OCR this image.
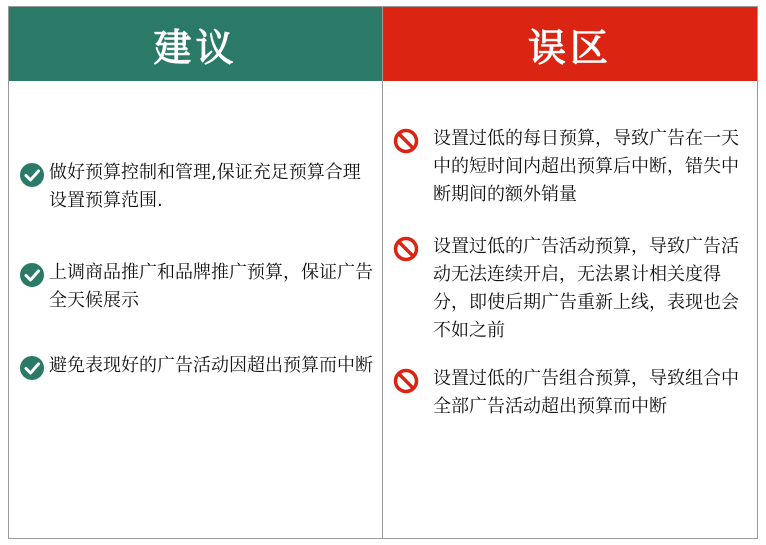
建议
做好预算控制和管理,保证充足预算合理设置预算范围.
上调商品推广和品牌推广预算，保证广告全天候展示
避免表现好的广告活动因超出预算而中断
误区
设置过低的每日预算，导致广告在一天中的短时间内超出预算后中断，错失中断期间的额外销量
设置过低的广告活动预算，导致广告活动无法连续开启，无法累计相关度得分，即使后期广告重新上线，表现也会不如之前
设置过低的广告组合预算，导致组合中全部广告活动超出预算而中断
